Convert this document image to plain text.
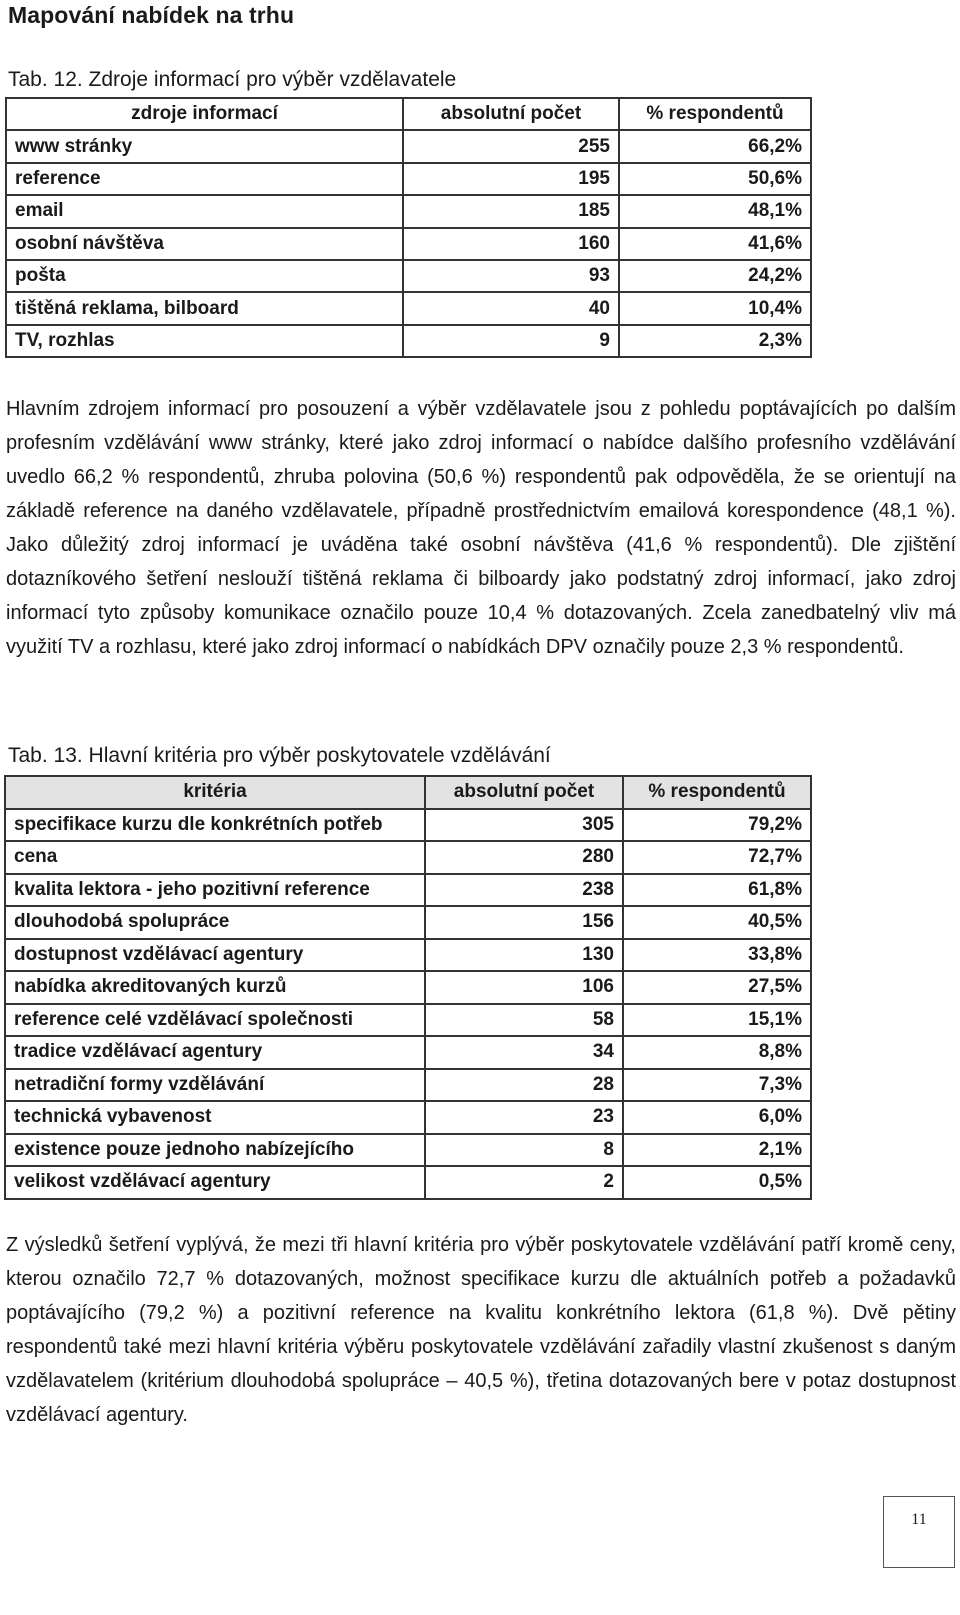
Mapování nabídek na trhu

Tab. 12. Zdroje informací pro výběr vzdělavatele

zdroje informací	absolutní počet	% respondentů
www stránky	255	66,2%
reference	195	50,6%
email	185	48,1%
osobní návštěva	160	41,6%
pošta	93	24,2%
tištěná reklama, bilboard	40	10,4%
TV, rozhlas	9	2,3%

Hlavním zdrojem informací pro posouzení a výběr vzdělavatele jsou z pohledu poptávajících po dalším profesním vzdělávání www stránky, které jako zdroj informací o nabídce dalšího profesního vzdělávání uvedlo 66,2 % respondentů, zhruba polovina (50,6 %) respondentů pak odpověděla, že se orientují na základě reference na daného vzdělavatele, případně prostřednictvím emailová korespondence (48,1 %). Jako důležitý zdroj informací je uváděna také osobní návštěva (41,6 % respondentů). Dle zjištění dotazníkového šetření neslouží tištěná reklama či bilboardy jako podstatný zdroj informací, jako zdroj informací tyto způsoby komunikace označilo pouze 10,4 % dotazovaných. Zcela zanedbatelný vliv má využití TV a rozhlasu, které jako zdroj informací o nabídkách DPV označily pouze 2,3 % respondentů.

Tab. 13. Hlavní kritéria pro výběr poskytovatele vzdělávání

kritéria	absolutní počet	% respondentů
specifikace kurzu dle konkrétních potřeb	305	79,2%
cena	280	72,7%
kvalita lektora - jeho pozitivní reference	238	61,8%
dlouhodobá spolupráce	156	40,5%
dostupnost vzdělávací agentury	130	33,8%
nabídka akreditovaných kurzů	106	27,5%
reference celé vzdělávací společnosti	58	15,1%
tradice vzdělávací agentury	34	8,8%
netradiční formy vzdělávání	28	7,3%
technická vybavenost	23	6,0%
existence pouze jednoho nabízejícího	8	2,1%
velikost vzdělávací agentury	2	0,5%

Z výsledků šetření vyplývá, že mezi tři hlavní kritéria pro výběr poskytovatele vzdělávání patří kromě ceny, kterou označilo 72,7 % dotazovaných, možnost specifikace kurzu dle aktuálních potřeb a požadavků poptávajícího (79,2 %) a pozitivní reference na kvalitu konkrétního lektora (61,8 %). Dvě pětiny respondentů také mezi hlavní kritéria výběru poskytovatele vzdělávání zařadily vlastní zkušenost s daným vzdělavatelem (kritérium dlouhodobá spolupráce – 40,5 %), třetina dotazovaných bere v potaz dostupnost vzdělávací agentury.

11
